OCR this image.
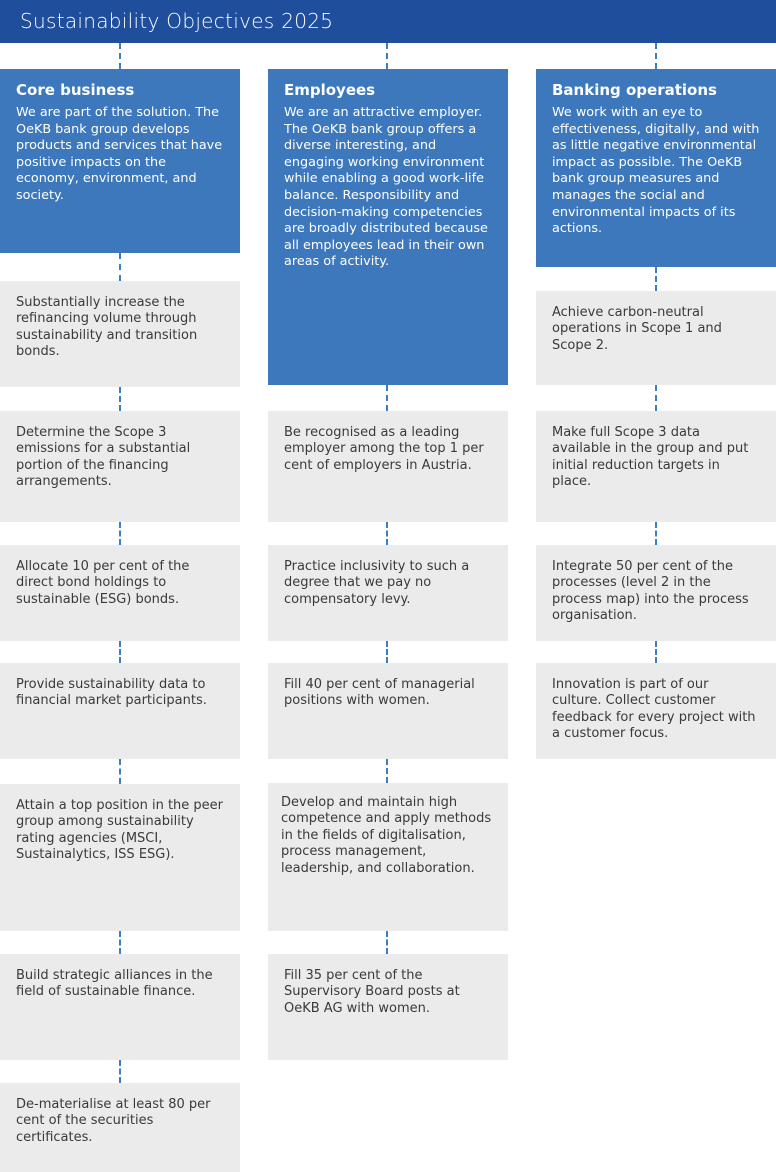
Sustainability Objectives 2025
Core business
We are part of the solution. The OeKB bank group develops products and services that have positive impacts on the economy, environment, and society.
Substantially increase the refinancing volume through sustainability and transition bonds.
Determine the Scope 3 emissions for a substantial portion of the financing arrangements.
Allocate 10 per cent of the direct bond holdings to sustainable (ESG) bonds.
Provide sustainability data to financial market participants.
Attain a top position in the peer group among sustainability rating agencies (MSCI, Sustainalytics, ISS ESG).
Build strategic alliances in the field of sustainable finance.
De-materialise at least 80 per cent of the securities certificates.
Employees
We are an attractive employer. The OeKB bank group offers a diverse interesting, and engaging working environment while enabling a good work-life balance. Responsibility and decision-making competencies are broadly distributed because all employees lead in their own areas of activity.
Be recognised as a leading employer among the top 1 per cent of employers in Austria.
Practice inclusivity to such a degree that we pay no compensatory levy.
Fill 40 per cent of managerial positions with women.
Develop and maintain high competence and apply methods in the fields of digitalisation, process management, leadership, and collaboration.
Fill 35 per cent of the Supervisory Board posts at OeKB AG with women.
Banking operations
We work with an eye to effectiveness, digitally, and with as little negative environmental impact as possible. The OeKB bank group measures and manages the social and environmental impacts of its actions.
Achieve carbon-neutral operations in Scope 1 and Scope 2.
Make full Scope 3 data available in the group and put initial reduction targets in place.
Integrate 50 per cent of the processes (level 2 in the process map) into the process organisation.
Innovation is part of our culture. Collect customer feedback for every project with a customer focus.
